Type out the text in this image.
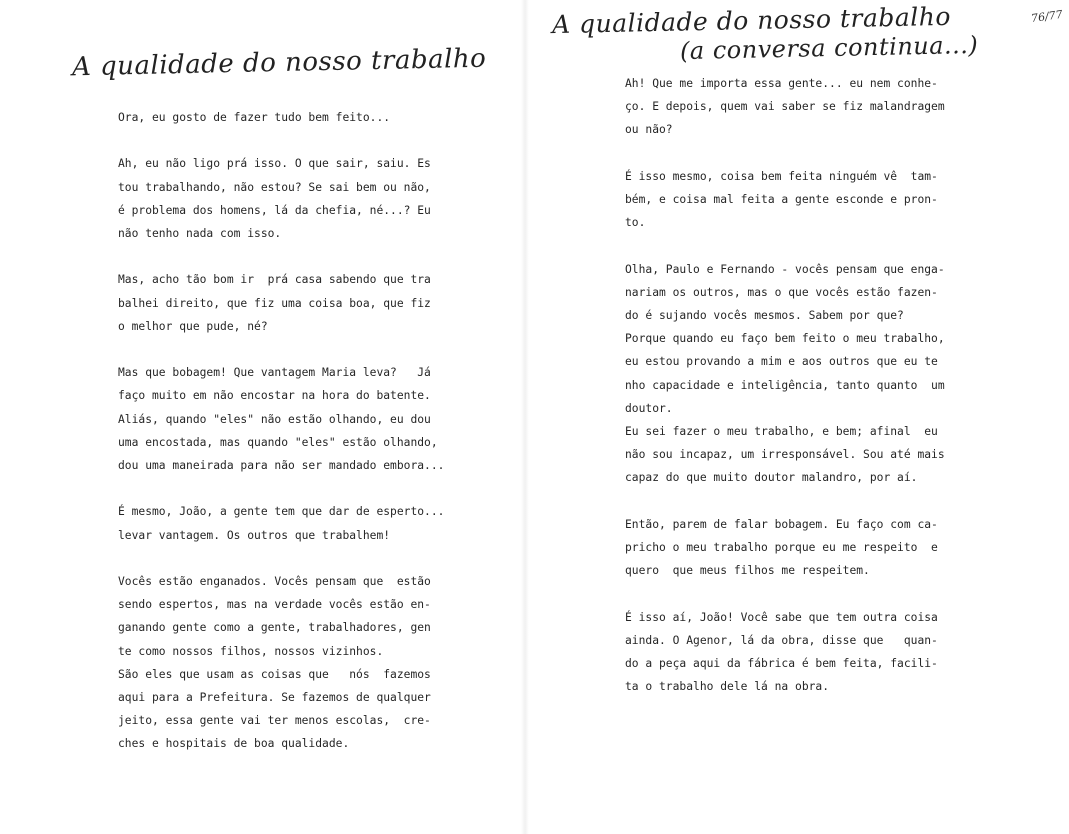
A qualidade do nosso trabalho
Ora, eu gosto de fazer tudo bem feito...
Ah, eu não ligo prá isso. O que sair, saiu. Es
tou trabalhando, não estou? Se sai bem ou não,
é problema dos homens, lá da chefia, né...? Eu
não tenho nada com isso.
Mas, acho tão bom ir  prá casa sabendo que tra
balhei direito, que fiz uma coisa boa, que fiz
o melhor que pude, né?
Mas que bobagem! Que vantagem Maria leva?   Já
faço muito em não encostar na hora do batente.
Aliás, quando "eles" não estão olhando, eu dou
uma encostada, mas quando "eles" estão olhando,
dou uma maneirada para não ser mandado embora...
É mesmo, João, a gente tem que dar de esperto...
levar vantagem. Os outros que trabalhem!
Vocês estão enganados. Vocês pensam que  estão
sendo espertos, mas na verdade vocês estão en-
ganando gente como a gente, trabalhadores, gen
te como nossos filhos, nossos vizinhos.
São eles que usam as coisas que   nós  fazemos
aqui para a Prefeitura. Se fazemos de qualquer
jeito, essa gente vai ter menos escolas,  cre-
ches e hospitais de boa qualidade.
A qualidade do nosso trabalho
(a conversa continua...)
76/77
Ah! Que me importa essa gente... eu nem conhe-
ço. E depois, quem vai saber se fiz malandragem
ou não?
É isso mesmo, coisa bem feita ninguém vê  tam-
bém, e coisa mal feita a gente esconde e pron-
to.
Olha, Paulo e Fernando - vocês pensam que enga-
nariam os outros, mas o que vocês estão fazen-
do é sujando vocês mesmos. Sabem por que?
Porque quando eu faço bem feito o meu trabalho,
eu estou provando a mim e aos outros que eu te
nho capacidade e inteligência, tanto quanto  um
doutor.
Eu sei fazer o meu trabalho, e bem; afinal  eu
não sou incapaz, um irresponsável. Sou até mais
capaz do que muito doutor malandro, por aí.
Então, parem de falar bobagem. Eu faço com ca-
pricho o meu trabalho porque eu me respeito  e
quero  que meus filhos me respeitem.
É isso aí, João! Você sabe que tem outra coisa
ainda. O Agenor, lá da obra, disse que   quan-
do a peça aqui da fábrica é bem feita, facili-
ta o trabalho dele lá na obra.
